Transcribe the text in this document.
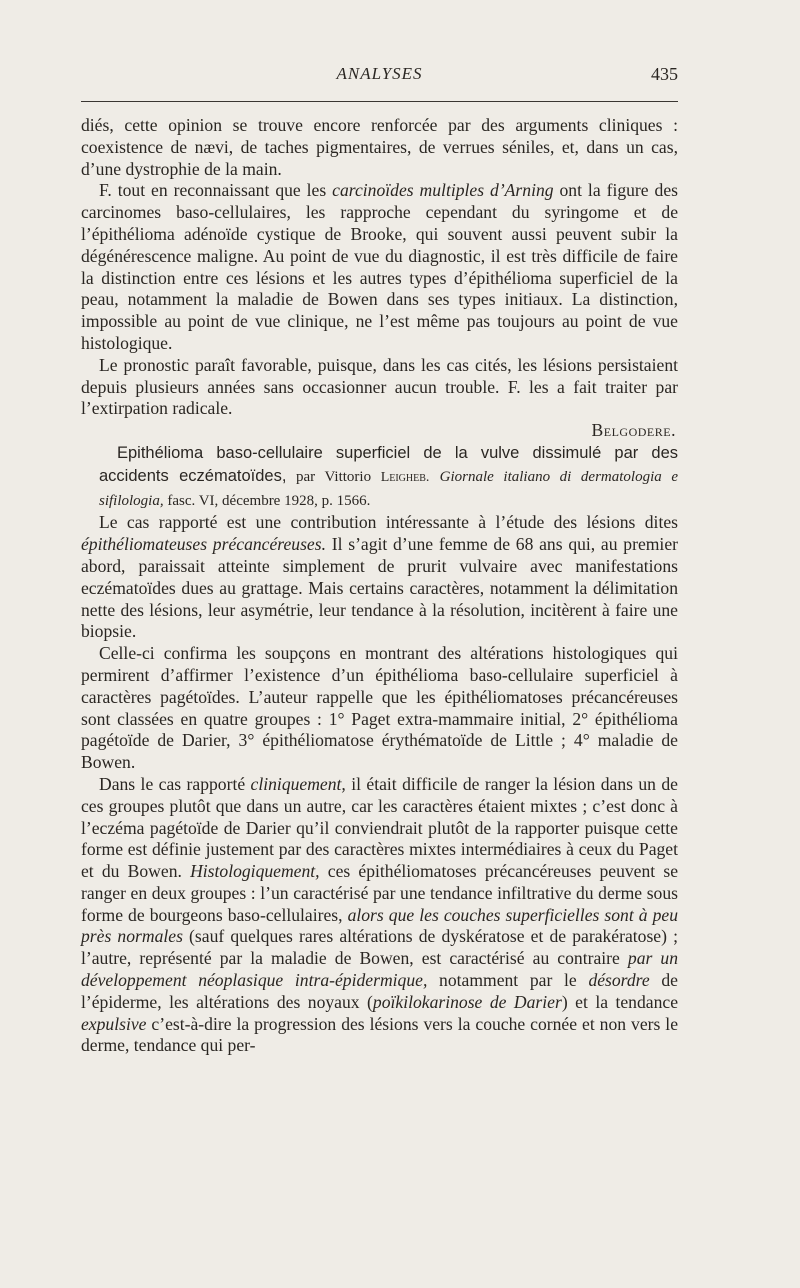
ANALYSES	435

diés, cette opinion se trouve encore renforcée par des arguments cliniques : coexistence de nævi, de taches pigmentaires, de verrues séniles, et, dans un cas, d’une dystrophie de la main.

F. tout en reconnaissant que les carcinoïdes multiples d’Arning ont la figure des carcinomes baso-cellulaires, les rapproche cependant du syringome et de l’épithélioma adénoïde cystique de Brooke, qui souvent aussi peuvent subir la dégénérescence maligne. Au point de vue du diagnostic, il est très difficile de faire la distinction entre ces lésions et les autres types d’épithélioma superficiel de la peau, notamment la maladie de Bowen dans ses types initiaux. La distinction, impossible au point de vue clinique, ne l’est même pas toujours au point de vue histologique.

Le pronostic paraît favorable, puisque, dans les cas cités, les lésions persistaient depuis plusieurs années sans occasionner aucun trouble. F. les a fait traiter par l’extirpation radicale.

Belgodere.

Epithélioma baso-cellulaire superficiel de la vulve dissimulé par des accidents eczématoïdes, par Vittorio Leigheb. Giornale italiano di dermatologia e sifilologia, fasc. VI, décembre 1928, p. 1566.

Le cas rapporté est une contribution intéressante à l’étude des lésions dites épithéliomateuses précancéreuses. Il s’agit d’une femme de 68 ans qui, au premier abord, paraissait atteinte simplement de prurit vulvaire avec manifestations eczématoïdes dues au grattage. Mais certains caractères, notamment la délimitation nette des lésions, leur asymétrie, leur tendance à la résolution, incitèrent à faire une biopsie.

Celle-ci confirma les soupçons en montrant des altérations histologiques qui permirent d’affirmer l’existence d’un épithélioma baso-cellulaire superficiel à caractères pagétoïdes. L’auteur rappelle que les épithéliomatoses précancéreuses sont classées en quatre groupes : 1° Paget extra-mammaire initial, 2° épithélioma pagétoïde de Darier, 3° épithéliomatose érythématoïde de Little ; 4° maladie de Bowen.

Dans le cas rapporté cliniquement, il était difficile de ranger la lésion dans un de ces groupes plutôt que dans un autre, car les caractères étaient mixtes ; c’est donc à l’eczéma pagétoïde de Darier qu’il conviendrait plutôt de la rapporter puisque cette forme est définie justement par des caractères mixtes intermédiaires à ceux du Paget et du Bowen. Histologiquement, ces épithéliomatoses précancéreuses peuvent se ranger en deux groupes : l’un caractérisé par une tendance infiltrative du derme sous forme de bourgeons baso-cellulaires, alors que les couches superficielles sont à peu près normales (sauf quelques rares altérations de dyskératose et de parakératose) ; l’autre, représenté par la maladie de Bowen, est caractérisé au contraire par un développement néoplasique intra-épidermique, notamment par le désordre de l’épiderme, les altérations des noyaux (poïkilokarinose de Darier) et la tendance expulsive c’est-à-dire la progression des lésions vers la couche cornée et non vers le derme, tendance qui per-
